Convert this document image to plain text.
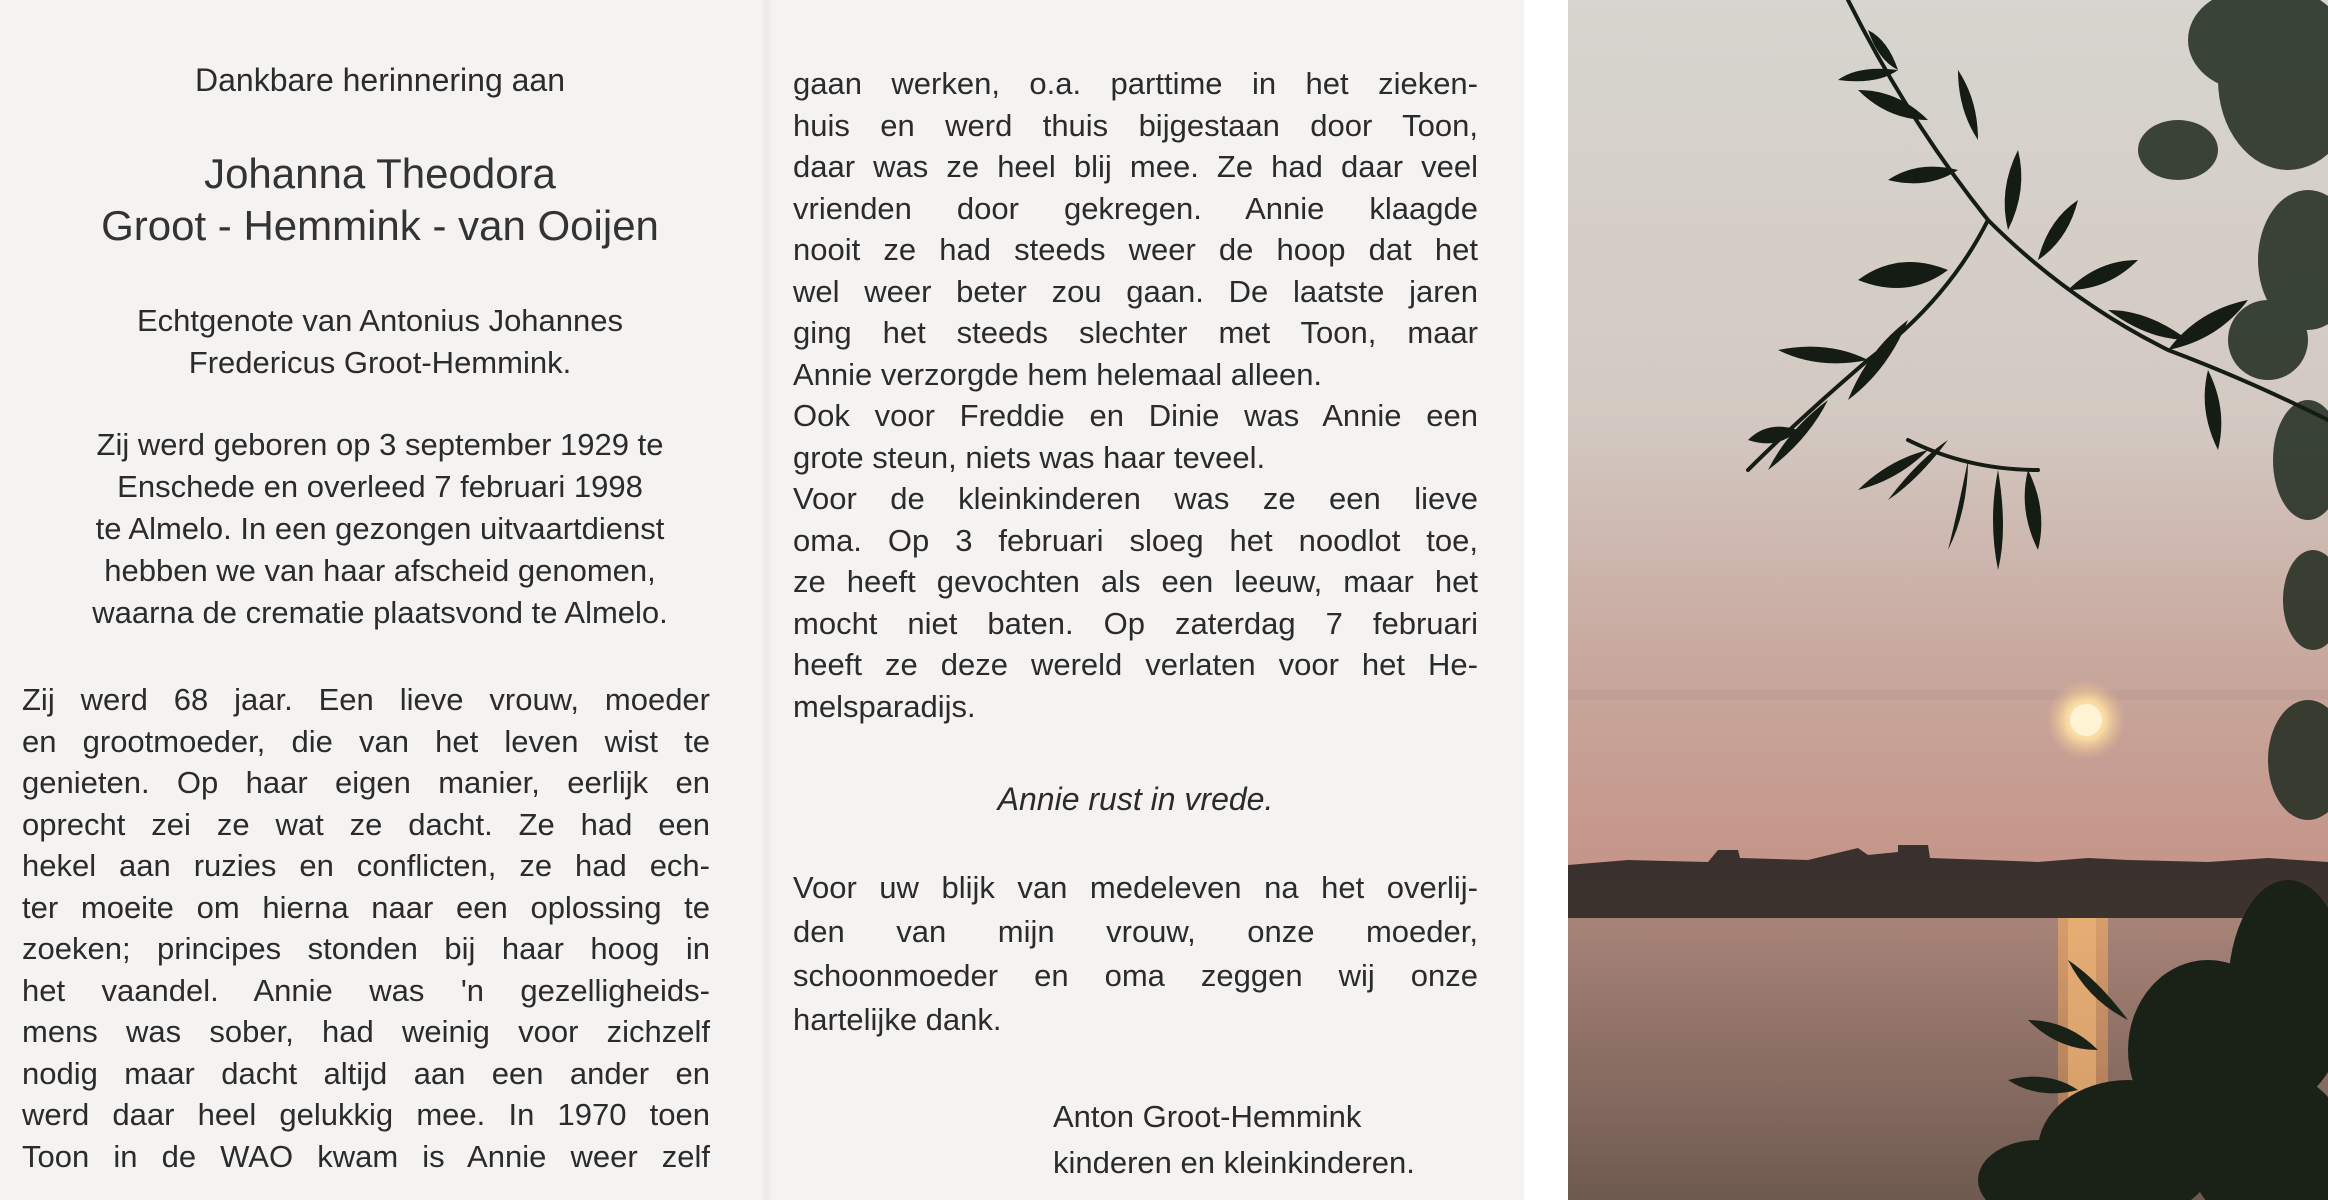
Dankbare herinnering aan
Johanna Theodora
Groot - Hemmink - van Ooijen
Echtgenote van Antonius Johannes
Fredericus Groot-Hemmink.
Zij werd geboren op 3 september 1929 te
Enschede en overleed 7 februari 1998
te Almelo. In een gezongen uitvaartdienst
hebben we van haar afscheid genomen,
waarna de crematie plaatsvond te Almelo.
Zij werd 68 jaar. Een lieve vrouw, moeder
en grootmoeder, die van het leven wist te
genieten. Op haar eigen manier, eerlijk en
oprecht zei ze wat ze dacht. Ze had een
hekel aan ruzies en conflicten, ze had ech-
ter moeite om hierna naar een oplossing te
zoeken; principes stonden bij haar hoog in
het vaandel. Annie was 'n gezelligheids-
mens was sober, had weinig voor zichzelf
nodig maar dacht altijd aan een ander en
werd daar heel gelukkig mee. In 1970 toen
Toon in de WAO kwam is Annie weer zelf
gaan werken, o.a. parttime in het zieken-
huis en werd thuis bijgestaan door Toon,
daar was ze heel blij mee. Ze had daar veel
vrienden door gekregen. Annie klaagde
nooit ze had steeds weer de hoop dat het
wel weer beter zou gaan. De laatste jaren
ging het steeds slechter met Toon, maar
Annie verzorgde hem helemaal alleen.
Ook voor Freddie en Dinie was Annie een
grote steun, niets was haar teveel.
Voor de kleinkinderen was ze een lieve
oma. Op 3 februari sloeg het noodlot toe,
ze heeft gevochten als een leeuw, maar het
mocht niet baten. Op zaterdag 7 februari
heeft ze deze wereld verlaten voor het He-
melsparadijs.
Annie rust in vrede.
Voor uw blijk van medeleven na het overlij-
den van mijn vrouw, onze moeder,
schoonmoeder en oma zeggen wij onze
hartelijke dank.
Anton Groot-Hemmink
kinderen en kleinkinderen.
